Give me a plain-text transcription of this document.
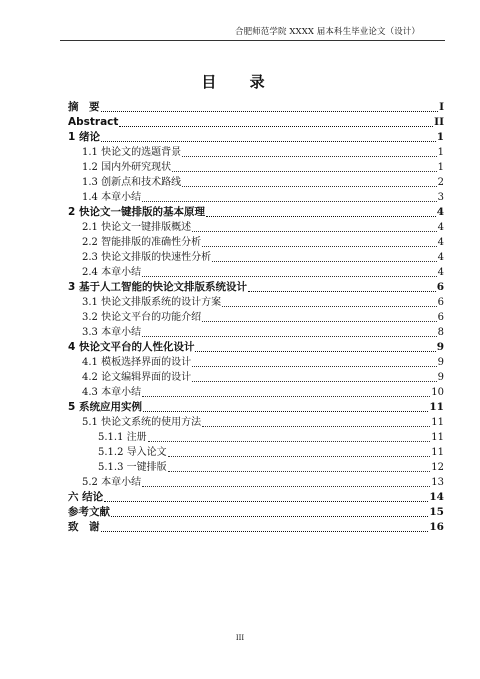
合肥师范学院 XXXX 届本科生毕业论文（设计）
目 录
摘　要	I
Abstract	II
1 绪论	1
1.1 快论文的选题背景	1
1.2 国内外研究现状	1
1.3 创新点和技术路线	2
1.4 本章小结	3
2 快论文一键排版的基本原理	4
2.1 快论文一键排版概述	4
2.2 智能排版的准确性分析	4
2.3 快论文排版的快速性分析	4
2.4 本章小结	4
3 基于人工智能的快论文排版系统设计	6
3.1 快论文排版系统的设计方案	6
3.2 快论文平台的功能介绍	6
3.3 本章小结	8
4 快论文平台的人性化设计	9
4.1 模板选择界面的设计	9
4.2 论文编辑界面的设计	9
4.3 本章小结	10
5 系统应用实例	11
5.1 快论文系统的使用方法	11
5.1.1 注册	11
5.1.2 导入论文	11
5.1.3 一键排版	12
5.2 本章小结	13
六 结论	14
参考文献	15
致　谢	16
III
